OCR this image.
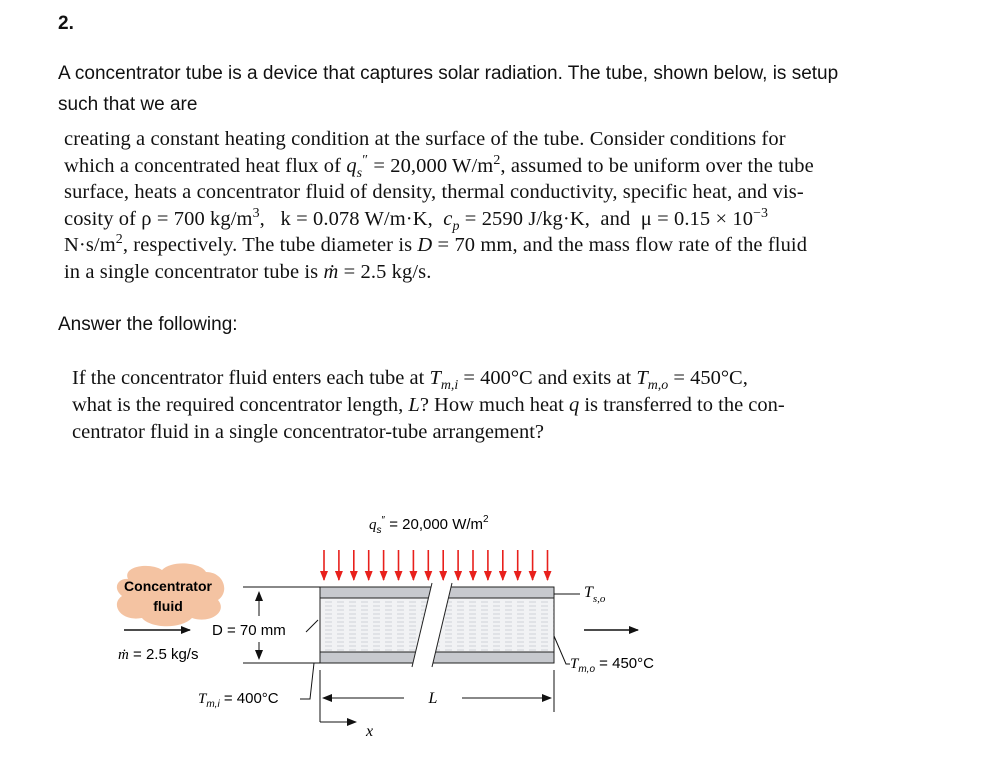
2.
A concentrator tube is a device that captures solar radiation. The tube, shown below, is setup
such that we are
creating a constant heating condition at the surface of the tube. Consider conditions for
which a concentrated heat flux of $q_s'' = 20,000$ $W/m^2$, assumed to be uniform over the tube
surface, heats a concentrator fluid of density, thermal conductivity, specific heat, and vis-
cosity of ρ = 700 $kg/m^3$,   k = 0.078 W/m·K, $c_p = 2590$ J/kg·K, and $\mu = 0.15 \times 10^{-3}$
$N\cdot s/m^2$, respectively. The tube diameter is D = 70 mm, and the mass flow rate of the fluid
in a single concentrator tube is ṁ = 2.5 kg/s.
Answer the following:
If the concentrator fluid enters each tube at $T_{m,i} = 400^\circ C$ and exits at $T_{m,o} = 450^\circ C$,
what is the required concentrator length, L? How much heat q is transferred to the con-
centrator fluid in a single concentrator-tube arrangement?
$q_s'' = 20,000$ $W/m^2$
Concentrator
fluid
ṁ = 2.5 kg/s
D = 70 mm
$T_{m,i} = 400^\circ C$	L
x
$T_{s,o}$
$T_{m,o} = 450^\circ C$
